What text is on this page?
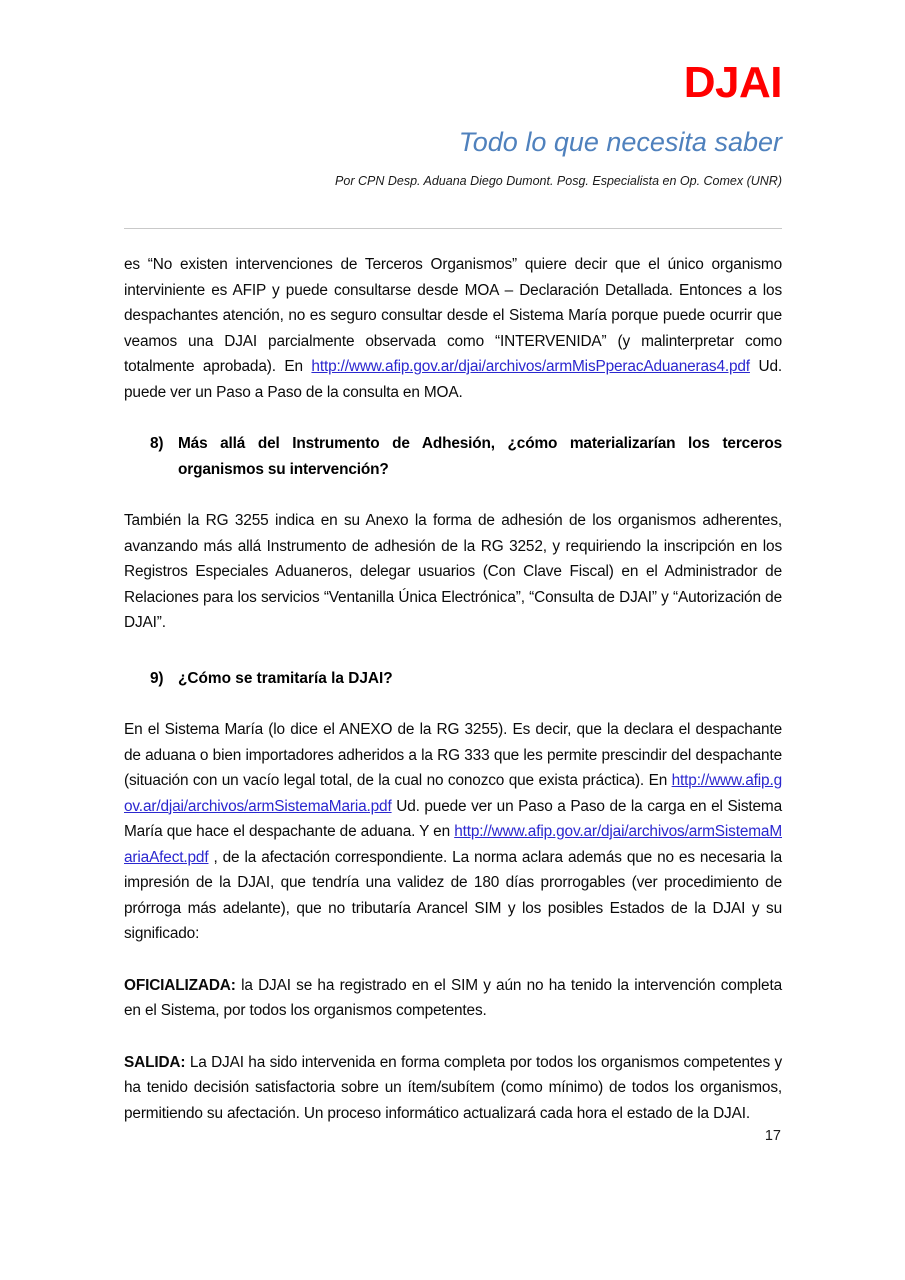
DJAI
Todo lo que necesita saber
Por CPN Desp. Aduana Diego Dumont. Posg. Especialista en Op. Comex (UNR)

es “No existen intervenciones de Terceros Organismos” quiere decir que el único organismo interviniente es AFIP y puede consultarse desde MOA – Declaración Detallada. Entonces a los despachantes atención, no es seguro consultar desde el Sistema María porque puede ocurrir que veamos una DJAI parcialmente observada como “INTERVENIDA” (y malinterpretar como totalmente aprobada). En http://www.afip.gov.ar/djai/archivos/armMisPperacAduaneras4.pdf Ud. puede ver un Paso a Paso de la consulta en MOA.

8) Más allá del Instrumento de Adhesión, ¿cómo materializarían los terceros organismos su intervención?

También la RG 3255 indica en su Anexo la forma de adhesión de los organismos adherentes, avanzando más allá Instrumento de adhesión de la RG 3252, y requiriendo la inscripción en los Registros Especiales Aduaneros, delegar usuarios (Con Clave Fiscal) en el Administrador de Relaciones para los servicios “Ventanilla Única Electrónica”, “Consulta de DJAI” y “Autorización de DJAI”.

9) ¿Cómo se tramitaría la DJAI?

En el Sistema María (lo dice el ANEXO de la RG 3255). Es decir, que la declara el despachante de aduana o bien importadores adheridos a la RG 333 que les permite prescindir del despachante (situación con un vacío legal total, de la cual no conozco que exista práctica). En http://www.afip.gov.ar/djai/archivos/armSistemaMaria.pdf Ud. puede ver un Paso a Paso de la carga en el Sistema María que hace el despachante de aduana. Y en http://www.afip.gov.ar/djai/archivos/armSistemaMariaAfect.pdf , de la afectación correspondiente. La norma aclara además que no es necesaria la impresión de la DJAI, que tendría una validez de 180 días prorrogables (ver procedimiento de prórroga más adelante), que no tributaría Arancel SIM y los posibles Estados de la DJAI y su significado:

OFICIALIZADA: la DJAI se ha registrado en el SIM y aún no ha tenido la intervención completa en el Sistema, por todos los organismos competentes.

SALIDA: La DJAI ha sido intervenida en forma completa por todos los organismos competentes y ha tenido decisión satisfactoria sobre un ítem/subítem (como mínimo) de todos los organismos, permitiendo su afectación. Un proceso informático actualizará cada hora el estado de la DJAI.

17
